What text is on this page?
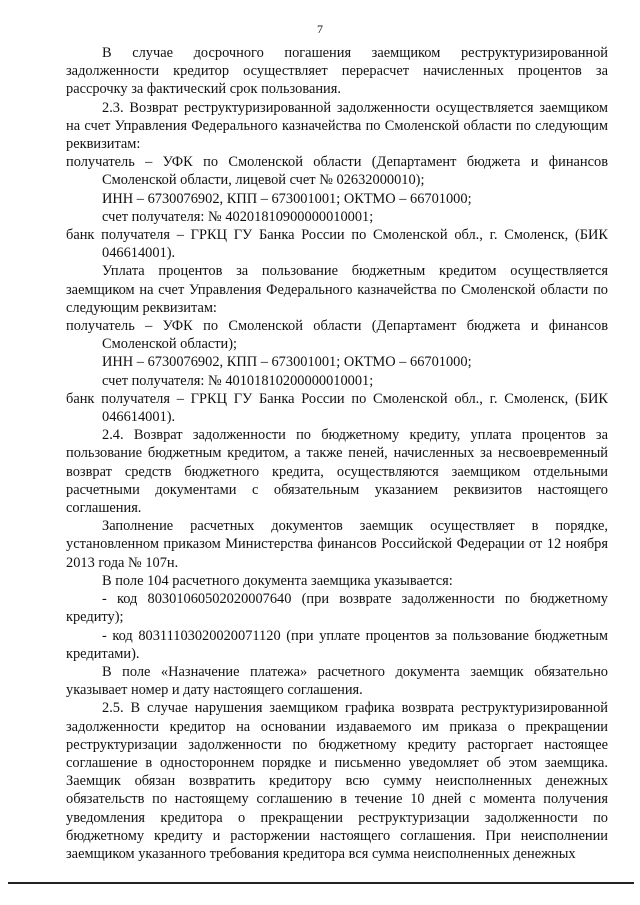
7

В случае досрочного погашения заемщиком реструктуризированной задолженности кредитор осуществляет перерасчет начисленных процентов за рассрочку за фактический срок пользования.

2.3. Возврат реструктуризированной задолженности осуществляется заемщиком на счет Управления Федерального казначейства по Смоленской области по следующим реквизитам:

получатель – УФК по Смоленской области (Департамент бюджета и финансов Смоленской области, лицевой счет № 02632000010);

ИНН – 6730076902, КПП – 673001001; ОКТМО – 66701000;

счет получателя: № 40201810900000010001;

банк получателя – ГРКЦ ГУ Банка России по Смоленской обл., г. Смоленск, (БИК 046614001).

Уплата процентов за пользование бюджетным кредитом осуществляется заемщиком на счет Управления Федерального казначейства по Смоленской области по следующим реквизитам:

получатель – УФК по Смоленской области (Департамент бюджета и финансов Смоленской области);

ИНН – 6730076902, КПП – 673001001; ОКТМО – 66701000;

счет получателя: № 40101810200000010001;

банк получателя – ГРКЦ ГУ Банка России по Смоленской обл., г. Смоленск, (БИК 046614001).

2.4. Возврат задолженности по бюджетному кредиту, уплата процентов за пользование бюджетным кредитом, а также пеней, начисленных за несвоевременный возврат средств бюджетного кредита, осуществляются заемщиком отдельными расчетными документами с обязательным указанием реквизитов настоящего соглашения.

Заполнение расчетных документов заемщик осуществляет в порядке, установленном приказом Министерства финансов Российской Федерации от 12 ноября 2013 года № 107н.

В поле 104 расчетного документа заемщика указывается:

- код 80301060502020007640 (при возврате задолженности по бюджетному кредиту);

- код 80311103020020071120 (при уплате процентов за пользование бюджетным кредитами).

В поле «Назначение платежа» расчетного документа заемщик обязательно указывает номер и дату настоящего соглашения.

2.5. В случае нарушения заемщиком графика возврата реструктуризированной задолженности кредитор на основании издаваемого им приказа о прекращении реструктуризации задолженности по бюджетному кредиту расторгает настоящее соглашение в одностороннем порядке и письменно уведомляет об этом заемщика. Заемщик обязан возвратить кредитору всю сумму неисполненных денежных обязательств по настоящему соглашению в течение 10 дней с момента получения уведомления кредитора о прекращении реструктуризации задолженности по бюджетному кредиту и расторжении настоящего соглашения. При неисполнении заемщиком указанного требования кредитора вся сумма неисполненных денежных
